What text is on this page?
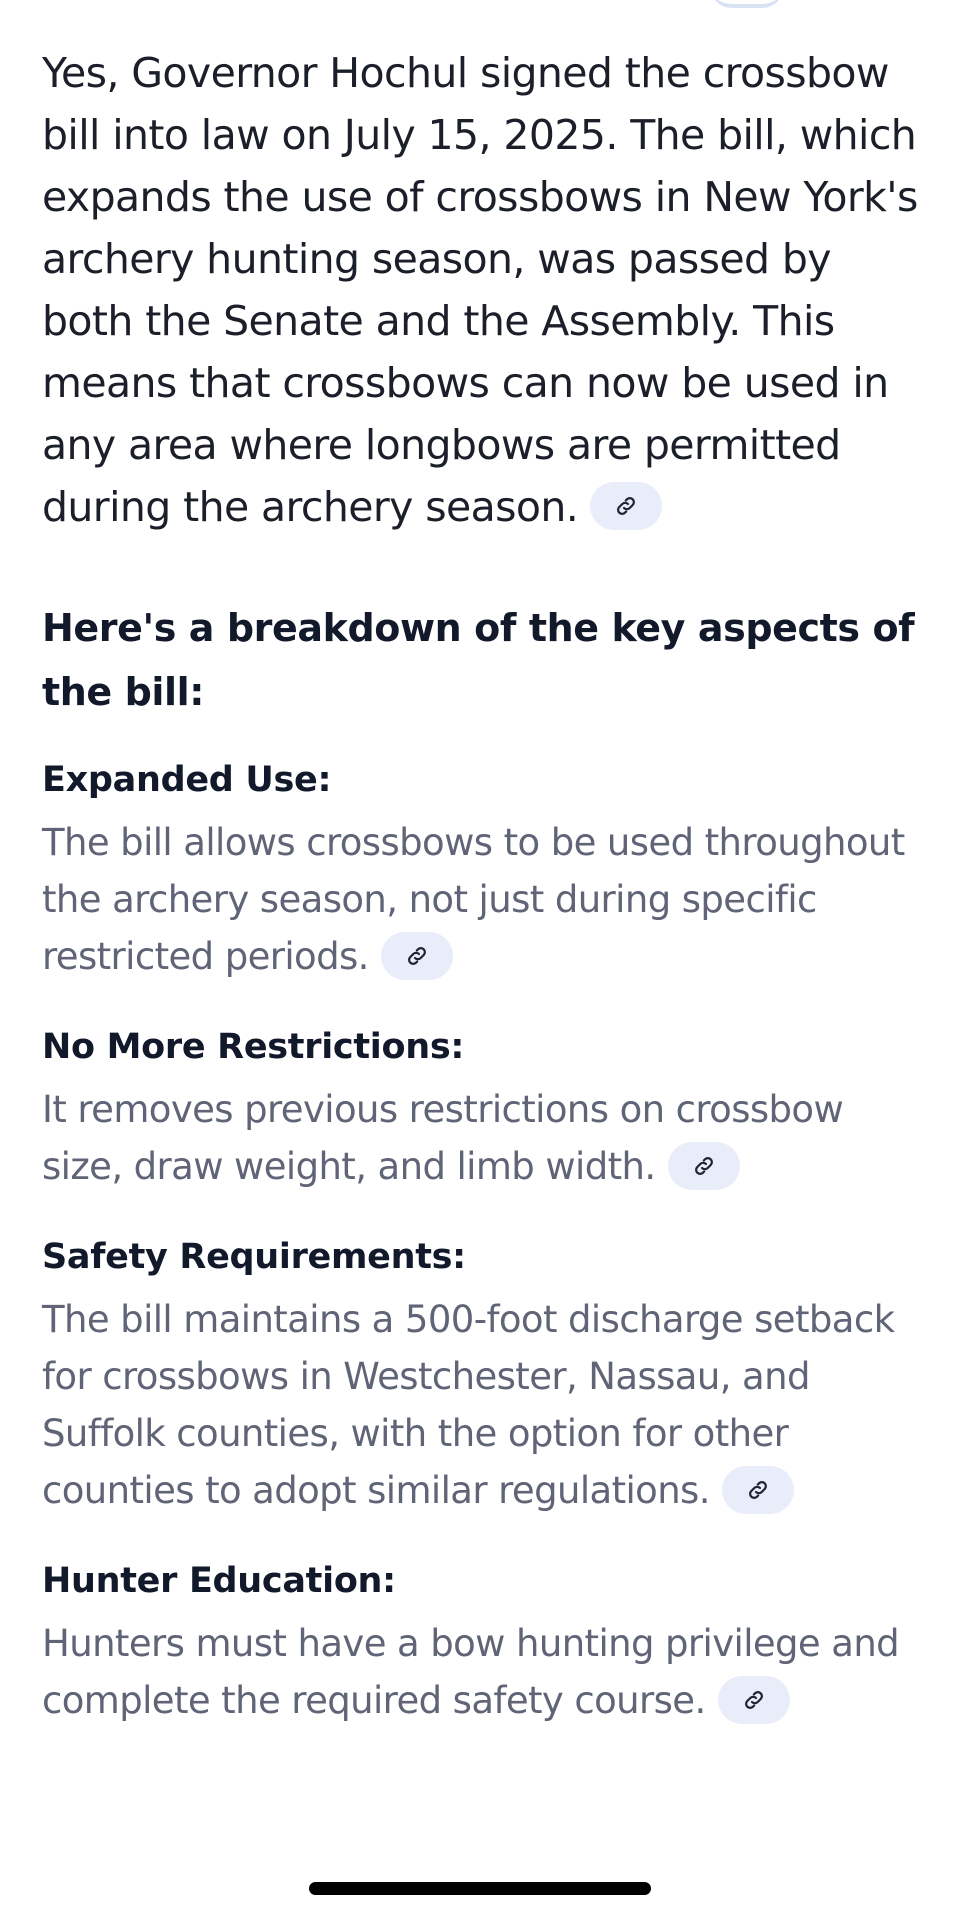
Yes, Governor Hochul signed the crossbow bill into law on July 15, 2025. The bill, which expands the use of crossbows in New York's archery hunting season, was passed by both the Senate and the Assembly. This means that crossbows can now be used in any area where longbows are permitted during the archery season.

Here's a breakdown of the key aspects of the bill:
Expanded Use:

The bill allows crossbows to be used throughout the archery season, not just during specific restricted periods.

No More Restrictions:

It removes previous restrictions on crossbow size, draw weight, and limb width.

Safety Requirements:

The bill maintains a 500-foot discharge setback for crossbows in Westchester, Nassau, and Suffolk counties, with the option for other counties to adopt similar regulations.

Hunter Education:

Hunters must have a bow hunting privilege and complete the required safety course.
